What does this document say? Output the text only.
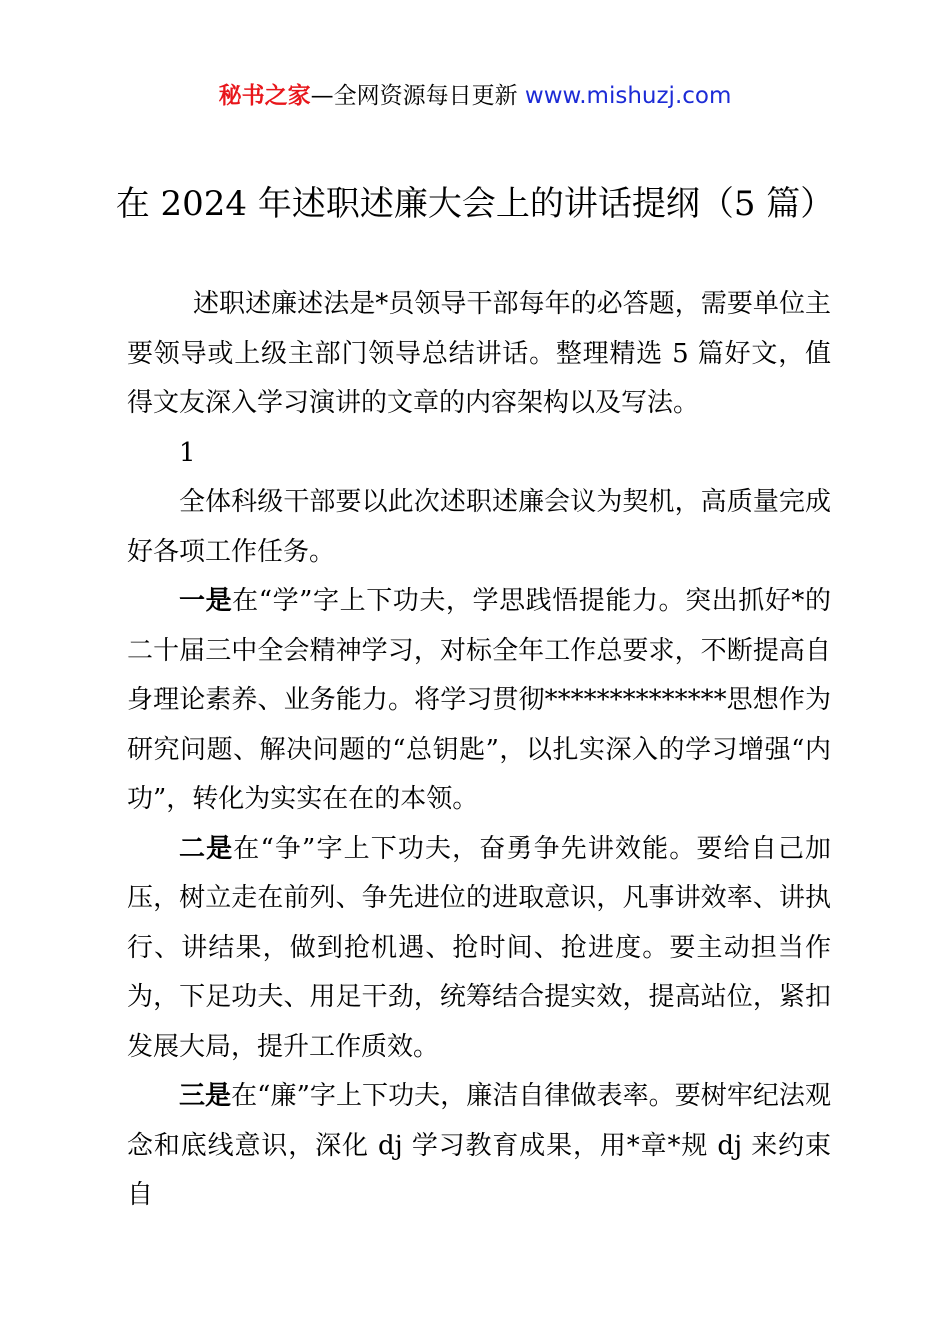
秘书之家—全网资源每日更新 www.mishuzj.com
在 2024 年述职述廉大会上的讲话提纲（5 篇）

述职述廉述法是*员领导干部每年的必答题，需要单位主要领导或上级主部门领导总结讲话。整理精选 5 篇好文，值得文友深入学习演讲的文章的内容架构以及写法。

1

全体科级干部要以此次述职述廉会议为契机，高质量完成好各项工作任务。

一是在“学”字上下功夫，学思践悟提能力。突出抓好*的二十届三中全会精神学习，对标全年工作总要求，不断提高自身理论素养、业务能力。将学习贯彻**************思想作为研究问题、解决问题的“总钥匙”，以扎实深入的学习增强“内功”，转化为实实在在的本领。

二是在“争”字上下功夫，奋勇争先讲效能。要给自己加压，树立走在前列、争先进位的进取意识，凡事讲效率、讲执行、讲结果，做到抢机遇、抢时间、抢进度。要主动担当作为，下足功夫、用足干劲，统筹结合提实效，提高站位，紧扣发展大局，提升工作质效。

三是在“廉”字上下功夫，廉洁自律做表率。要树牢纪法观念和底线意识，深化 dj 学习教育成果，用*章*规 dj 来约束自
